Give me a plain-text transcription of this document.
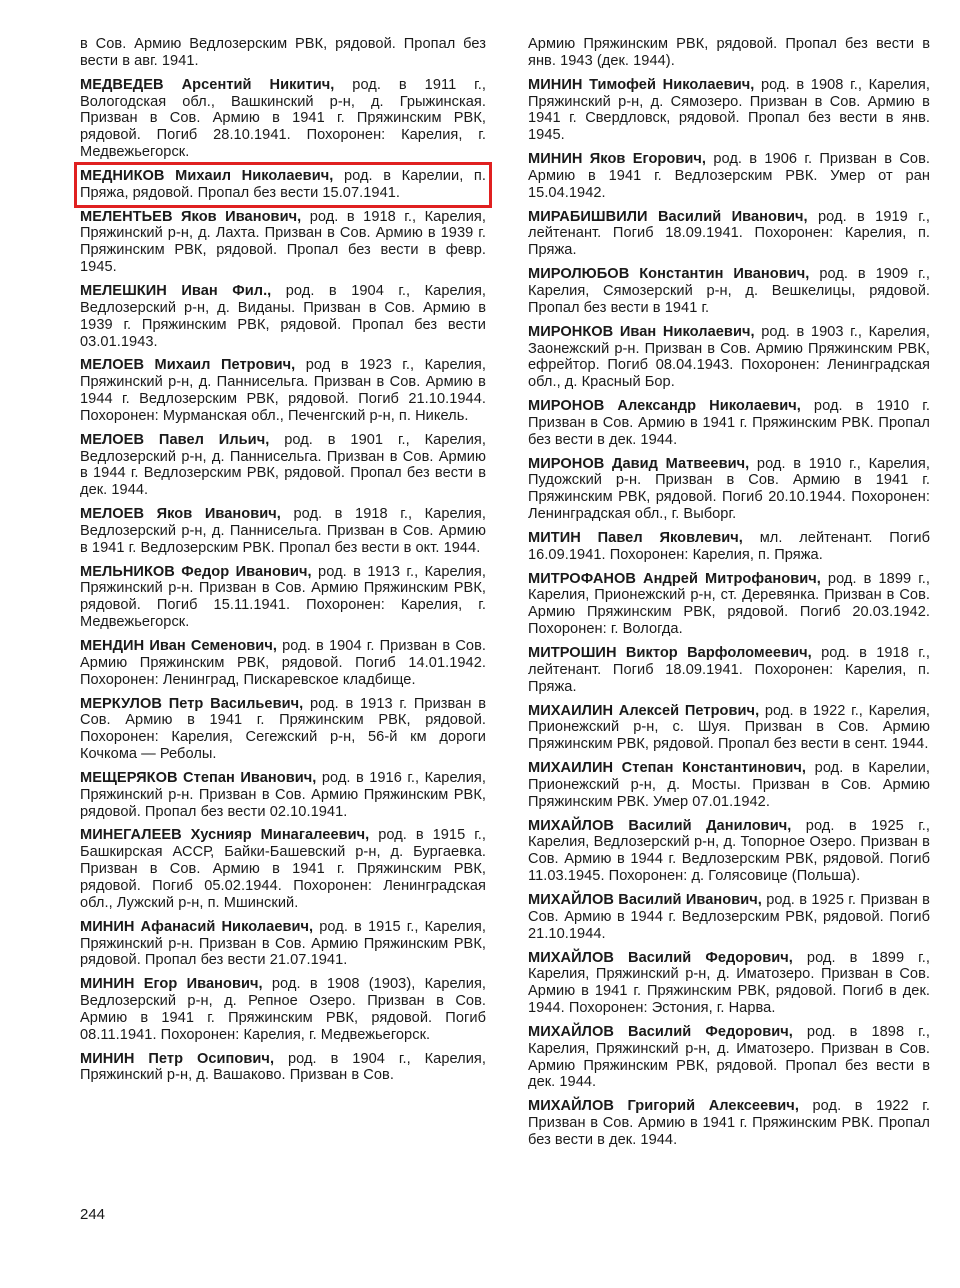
в Сов. Армию Ведлозерским РВК, рядовой. Пропал без вести в авг. 1941.

МЕДВЕДЕВ Арсентий Никитич, род. в 1911 г., Вологодская обл., Вашкинский р-н, д. Грыжинская. Призван в Сов. Армию в 1941 г. Пряжинским РВК, рядовой. Погиб 28.10.1941. Похоронен: Карелия, г. Медвежьегорск.

МЕДНИКОВ Михаил Николаевич, род. в Карелии, п. Пряжа, рядовой. Пропал без вести 15.07.1941.

МЕЛЕНТЬЕВ Яков Иванович, род. в 1918 г., Карелия, Пряжинский р-н, д. Лахта. Призван в Сов. Армию в 1939 г. Пряжинским РВК, рядовой. Пропал без вести в февр. 1945.

МЕЛЕШКИН Иван Фил., род. в 1904 г., Карелия, Ведлозерский р-н, д. Виданы. Призван в Сов. Армию в 1939 г. Пряжинским РВК, рядовой. Пропал без вести 03.01.1943.

МЕЛОЕВ Михаил Петрович, род в 1923 г., Карелия, Пряжинский р-н, д. Паннисельга. Призван в Сов. Армию в 1944 г. Ведлозерским РВК, рядовой. Погиб 21.10.1944. Похоронен: Мурманская обл., Печенгский р-н, п. Никель.

МЕЛОЕВ Павел Ильич, род. в 1901 г., Карелия, Ведлозерский р-н, д. Паннисельга. Призван в Сов. Армию в 1944 г. Ведлозерским РВК, рядовой. Пропал без вести в дек. 1944.

МЕЛОЕВ Яков Иванович, род. в 1918 г., Карелия, Ведлозерский р-н, д. Паннисельга. Призван в Сов. Армию в 1941 г. Ведлозерским РВК. Пропал без вести в окт. 1944.

МЕЛЬНИКОВ Федор Иванович, род. в 1913 г., Карелия, Пряжинский р-н. Призван в Сов. Армию Пряжинским РВК, рядовой. Погиб 15.11.1941. Похоронен: Карелия, г. Медвежьегорск.

МЕНДИН Иван Семенович, род. в 1904 г. Призван в Сов. Армию Пряжинским РВК, рядовой. Погиб 14.01.1942. Похоронен: Ленинград, Пискаревское кладбище.

МЕРКУЛОВ Петр Васильевич, род. в 1913 г. Призван в Сов. Армию в 1941 г. Пряжинским РВК, рядовой. Похоронен: Карелия, Сегежский р-н, 56-й км дороги Кочкома — Реболы.

МЕЩЕРЯКОВ Степан Иванович, род. в 1916 г., Карелия, Пряжинский р-н. Призван в Сов. Армию Пряжинским РВК, рядовой. Пропал без вести 02.10.1941.

МИНЕГАЛЕЕВ Хуснияр Минагалеевич, род. в 1915 г., Башкирская АССР, Байки-Башевский р-н, д. Бургаевка. Призван в Сов. Армию в 1941 г. Пряжинским РВК, рядовой. Погиб 05.02.1944. Похоронен: Ленинградская обл., Лужский р-н, п. Мшинский.

МИНИН Афанасий Николаевич, род. в 1915 г., Карелия, Пряжинский р-н. Призван в Сов. Армию Пряжинским РВК, рядовой. Пропал без вести 21.07.1941.

МИНИН Егор Иванович, род. в 1908 (1903), Карелия, Ведлозерский р-н, д. Репное Озеро. Призван в Сов. Армию в 1941 г. Пряжинским РВК, рядовой. Погиб 08.11.1941. Похоронен: Карелия, г. Медвежьегорск.

МИНИН Петр Осипович, род. в 1904 г., Карелия, Пряжинский р-н, д. Вашаково. Призван в Сов.

Армию Пряжинским РВК, рядовой. Пропал без вести в янв. 1943 (дек. 1944).

МИНИН Тимофей Николаевич, род. в 1908 г., Карелия, Пряжинский р-н, д. Сямозеро. Призван в Сов. Армию в 1941 г. Свердловск, рядовой. Пропал без вести в янв. 1945.

МИНИН Яков Егорович, род. в 1906 г. Призван в Сов. Армию в 1941 г. Ведлозерским РВК. Умер от ран 15.04.1942.

МИРАБИШВИЛИ Василий Иванович, род. в 1919 г., лейтенант. Погиб 18.09.1941. Похоронен: Карелия, п. Пряжа.

МИРОЛЮБОВ Константин Иванович, род. в 1909 г., Карелия, Сямозерский р-н, д. Вешкелицы, рядовой. Пропал без вести в 1941 г.

МИРОНКОВ Иван Николаевич, род. в 1903 г., Карелия, Заонежский р-н. Призван в Сов. Армию Пряжинским РВК, ефрейтор. Погиб 08.04.1943. Похоронен: Ленинградская обл., д. Красный Бор.

МИРОНОВ Александр Николаевич, род. в 1910 г. Призван в Сов. Армию в 1941 г. Пряжинским РВК. Пропал без вести в дек. 1944.

МИРОНОВ Давид Матвеевич, род. в 1910 г., Карелия, Пудожский р-н. Призван в Сов. Армию в 1941 г. Пряжинским РВК, рядовой. Погиб 20.10.1944. Похоронен: Ленинградская обл., г. Выборг.

МИТИН Павел Яковлевич, мл. лейтенант. Погиб 16.09.1941. Похоронен: Карелия, п. Пряжа.

МИТРОФАНОВ Андрей Митрофанович, род. в 1899 г., Карелия, Прионежский р-н, ст. Деревянка. Призван в Сов. Армию Пряжинским РВК, рядовой. Погиб 20.03.1942. Похоронен: г. Вологда.

МИТРОШИН Виктор Варфоломеевич, род. в 1918 г., лейтенант. Погиб 18.09.1941. Похоронен: Карелия, п. Пряжа.

МИХАИЛИН Алексей Петрович, род. в 1922 г., Карелия, Прионежский р-н, с. Шуя. Призван в Сов. Армию Пряжинским РВК, рядовой. Пропал без вести в сент. 1944.

МИХАИЛИН Степан Константинович, род. в Карелии, Прионежский р-н, д. Мосты. Призван в Сов. Армию Пряжинским РВК. Умер 07.01.1942.

МИХАЙЛОВ Василий Данилович, род. в 1925 г., Карелия, Ведлозерский р-н, д. Топорное Озеро. Призван в Сов. Армию в 1944 г. Ведлозерским РВК, рядовой. Погиб 11.03.1945. Похоронен: д. Голясовице (Польша).

МИХАЙЛОВ Василий Иванович, род. в 1925 г. Призван в Сов. Армию в 1944 г. Ведлозерским РВК, рядовой. Погиб 21.10.1944.

МИХАЙЛОВ Василий Федорович, род. в 1899 г., Карелия, Пряжинский р-н, д. Иматозеро. Призван в Сов. Армию в 1941 г. Пряжинским РВК, рядовой. Погиб в дек. 1944. Похоронен: Эстония, г. Нарва.

МИХАЙЛОВ Василий Федорович, род. в 1898 г., Карелия, Пряжинский р-н, д. Иматозеро. Призван в Сов. Армию Пряжинским РВК, рядовой. Пропал без вести в дек. 1944.

МИХАЙЛОВ Григорий Алексеевич, род. в 1922 г. Призван в Сов. Армию в 1941 г. Пряжинским РВК. Пропал без вести в дек. 1944.

244
